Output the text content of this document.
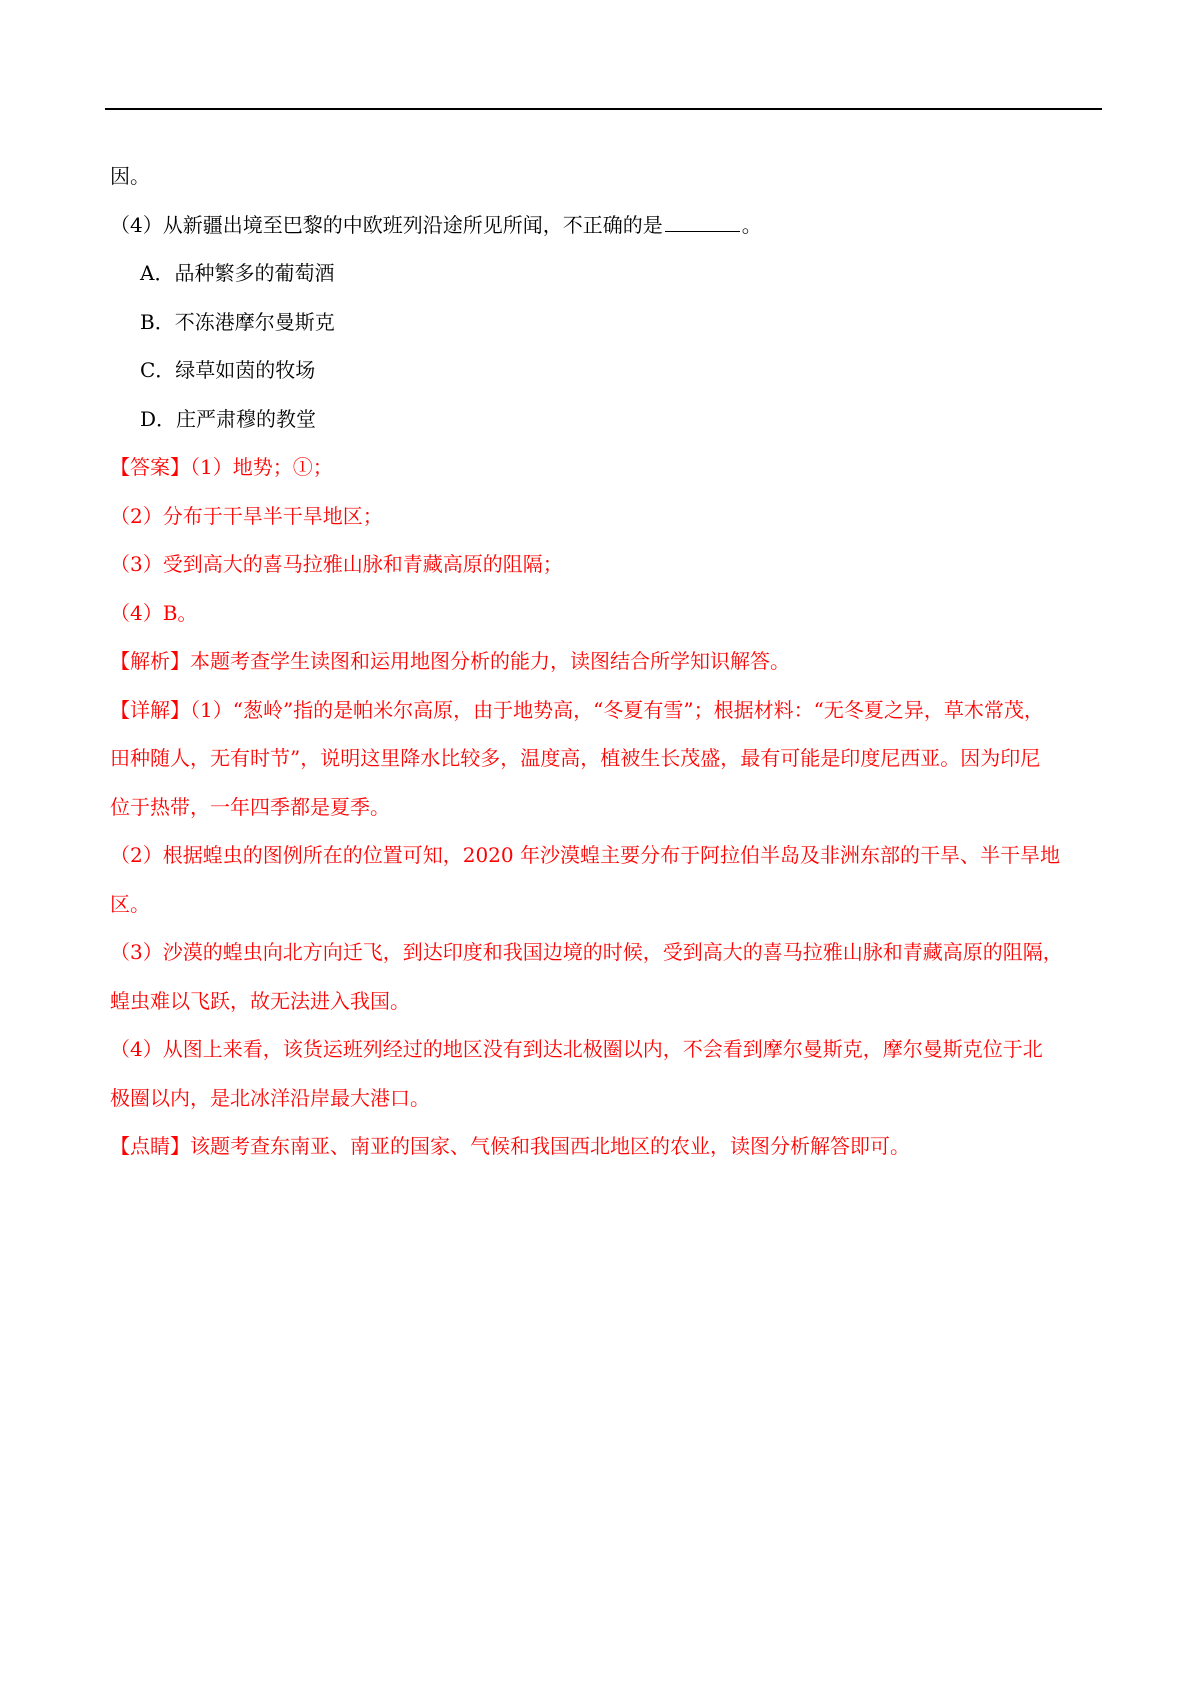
因。

（4）从新疆出境至巴黎的中欧班列沿途所见所闻，不正确的是	。

A．品种繁多的葡萄酒

B．不冻港摩尔曼斯克

C．绿草如茵的牧场

D．庄严肃穆的教堂

【答案】（1）地势；①；

（2）分布于干旱半干旱地区；

（3）受到高大的喜马拉雅山脉和青藏高原的阻隔；

（4）B。

【解析】本题考查学生读图和运用地图分析的能力，读图结合所学知识解答。

【详解】（1）“葱岭”指的是帕米尔高原，由于地势高，“冬夏有雪”；根据材料：“无冬夏之异，草木常茂，

田种随人，无有时节”，说明这里降水比较多，温度高，植被生长茂盛，最有可能是印度尼西亚。因为印尼

位于热带，一年四季都是夏季。

（2）根据蝗虫的图例所在的位置可知，2020 年沙漠蝗主要分布于阿拉伯半岛及非洲东部的干旱、半干旱地

区。

（3）沙漠的蝗虫向北方向迁飞，到达印度和我国边境的时候，受到高大的喜马拉雅山脉和青藏高原的阻隔，

蝗虫难以飞跃，故无法进入我国。

（4）从图上来看，该货运班列经过的地区没有到达北极圈以内，不会看到摩尔曼斯克，摩尔曼斯克位于北

极圈以内，是北冰洋沿岸最大港口。

【点睛】该题考查东南亚、南亚的国家、气候和我国西北地区的农业，读图分析解答即可。
